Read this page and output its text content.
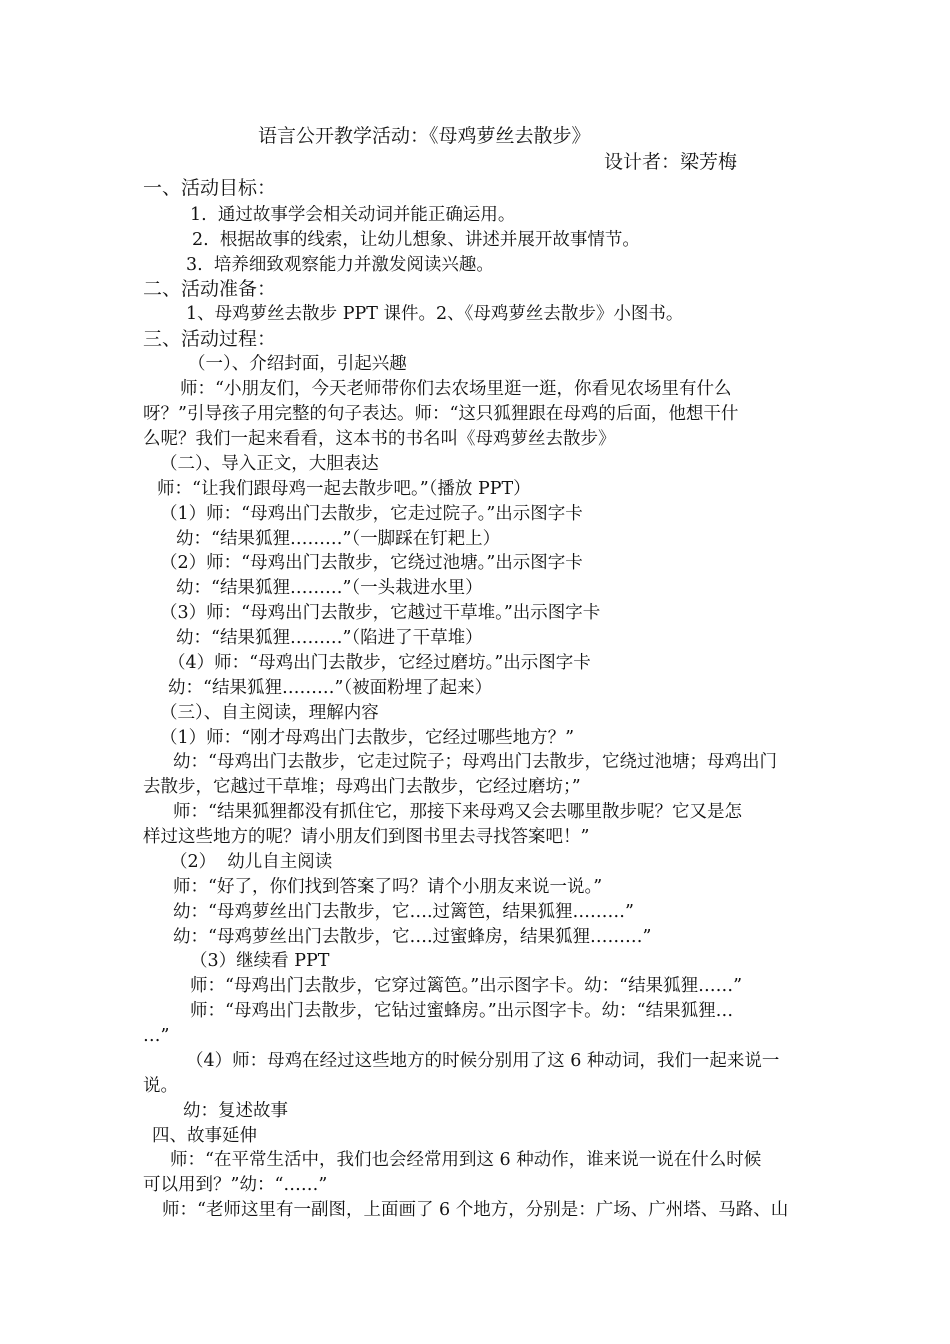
语言公开教学活动：《母鸡萝丝去散步》
设计者：梁芳梅
一、活动目标：
1.  通过故事学会相关动词并能正确运用。
2.  根据故事的线索，让幼儿想象、讲述并展开故事情节。
3.  培养细致观察能力并激发阅读兴趣。
二、活动准备：
1、母鸡萝丝去散步 PPT 课件。2、《母鸡萝丝去散步》小图书。
三、活动过程：
（一）、介绍封面，引起兴趣
师：“小朋友们，今天老师带你们去农场里逛一逛，你看见农场里有什么
呀？”引导孩子用完整的句子表达。师：“这只狐狸跟在母鸡的后面，他想干什
么呢？我们一起来看看，这本书的书名叫《母鸡萝丝去散步》
（二）、导入正文，大胆表达
师：“让我们跟母鸡一起去散步吧。”（播放 PPT）
（1）师：“母鸡出门去散步，它走过院子。”出示图字卡
幼：“结果狐狸………”（一脚踩在钉耙上）
（2）师：“母鸡出门去散步，它绕过池塘。”出示图字卡
幼：“结果狐狸………”（一头栽进水里）
（3）师：“母鸡出门去散步，它越过干草堆。”出示图字卡
幼：“结果狐狸………”（陷进了干草堆）
（4）师：“母鸡出门去散步，它经过磨坊。”出示图字卡
幼：“结果狐狸………”（被面粉埋了起来）
（三）、自主阅读，理解内容
（1）师：“刚才母鸡出门去散步，它经过哪些地方？”
幼：“母鸡出门去散步，它走过院子；母鸡出门去散步，它绕过池塘；母鸡出门
去散步，它越过干草堆；母鸡出门去散步，它经过磨坊；”
师：“结果狐狸都没有抓住它，那接下来母鸡又会去哪里散步呢？它又是怎
样过这些地方的呢？请小朋友们到图书里去寻找答案吧！”
（2）  幼儿自主阅读
师：“好了，你们找到答案了吗？请个小朋友来说一说。”
幼：“母鸡萝丝出门去散步，它….过篱笆，结果狐狸………”
幼：“母鸡萝丝出门去散步，它….过蜜蜂房，结果狐狸………”
（3）继续看 PPT
师：“母鸡出门去散步，它穿过篱笆。”出示图字卡。幼：“结果狐狸……”
师：“母鸡出门去散步，它钻过蜜蜂房。”出示图字卡。幼：“结果狐狸…
…”
（4）师：母鸡在经过这些地方的时候分别用了这 6 种动词，我们一起来说一
说。
幼：复述故事
四、故事延伸
师：“在平常生活中，我们也会经常用到这 6 种动作，谁来说一说在什么时候
可以用到？”幼：“……”
师：“老师这里有一副图，上面画了 6 个地方，分别是：广场、广州塔、马路、山
